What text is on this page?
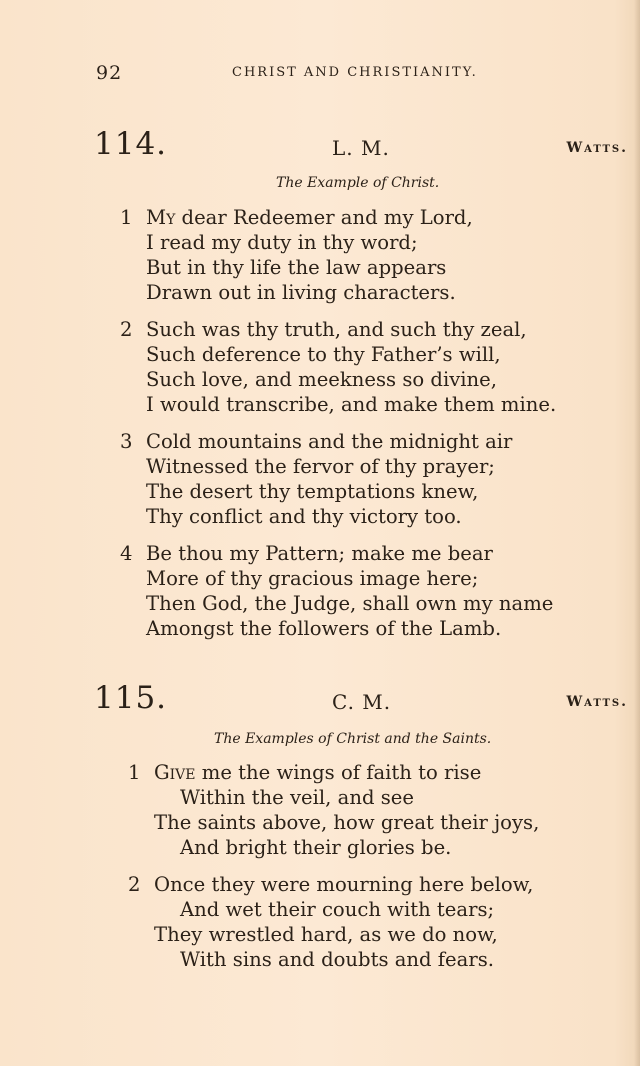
92	CHRIST AND CHRISTIANITY.
114.	L. M.	Watts.
The Example of Christ.
1 My dear Redeemer and my Lord,
I read my duty in thy word;
But in thy life the law appears
Drawn out in living characters.
2 Such was thy truth, and such thy zeal,
Such deference to thy Father’s will,
Such love, and meekness so divine,
I would transcribe, and make them mine.
3 Cold mountains and the midnight air
Witnessed the fervor of thy prayer;
The desert thy temptations knew,
Thy conflict and thy victory too.
4 Be thou my Pattern; make me bear
More of thy gracious image here;
Then God, the Judge, shall own my name
Amongst the followers of the Lamb.
115.	C. M.	Watts.
The Examples of Christ and the Saints.
1 Give me the wings of faith to rise
Within the veil, and see
The saints above, how great their joys,
And bright their glories be.
2 Once they were mourning here below,
And wet their couch with tears;
They wrestled hard, as we do now,
With sins and doubts and fears.
